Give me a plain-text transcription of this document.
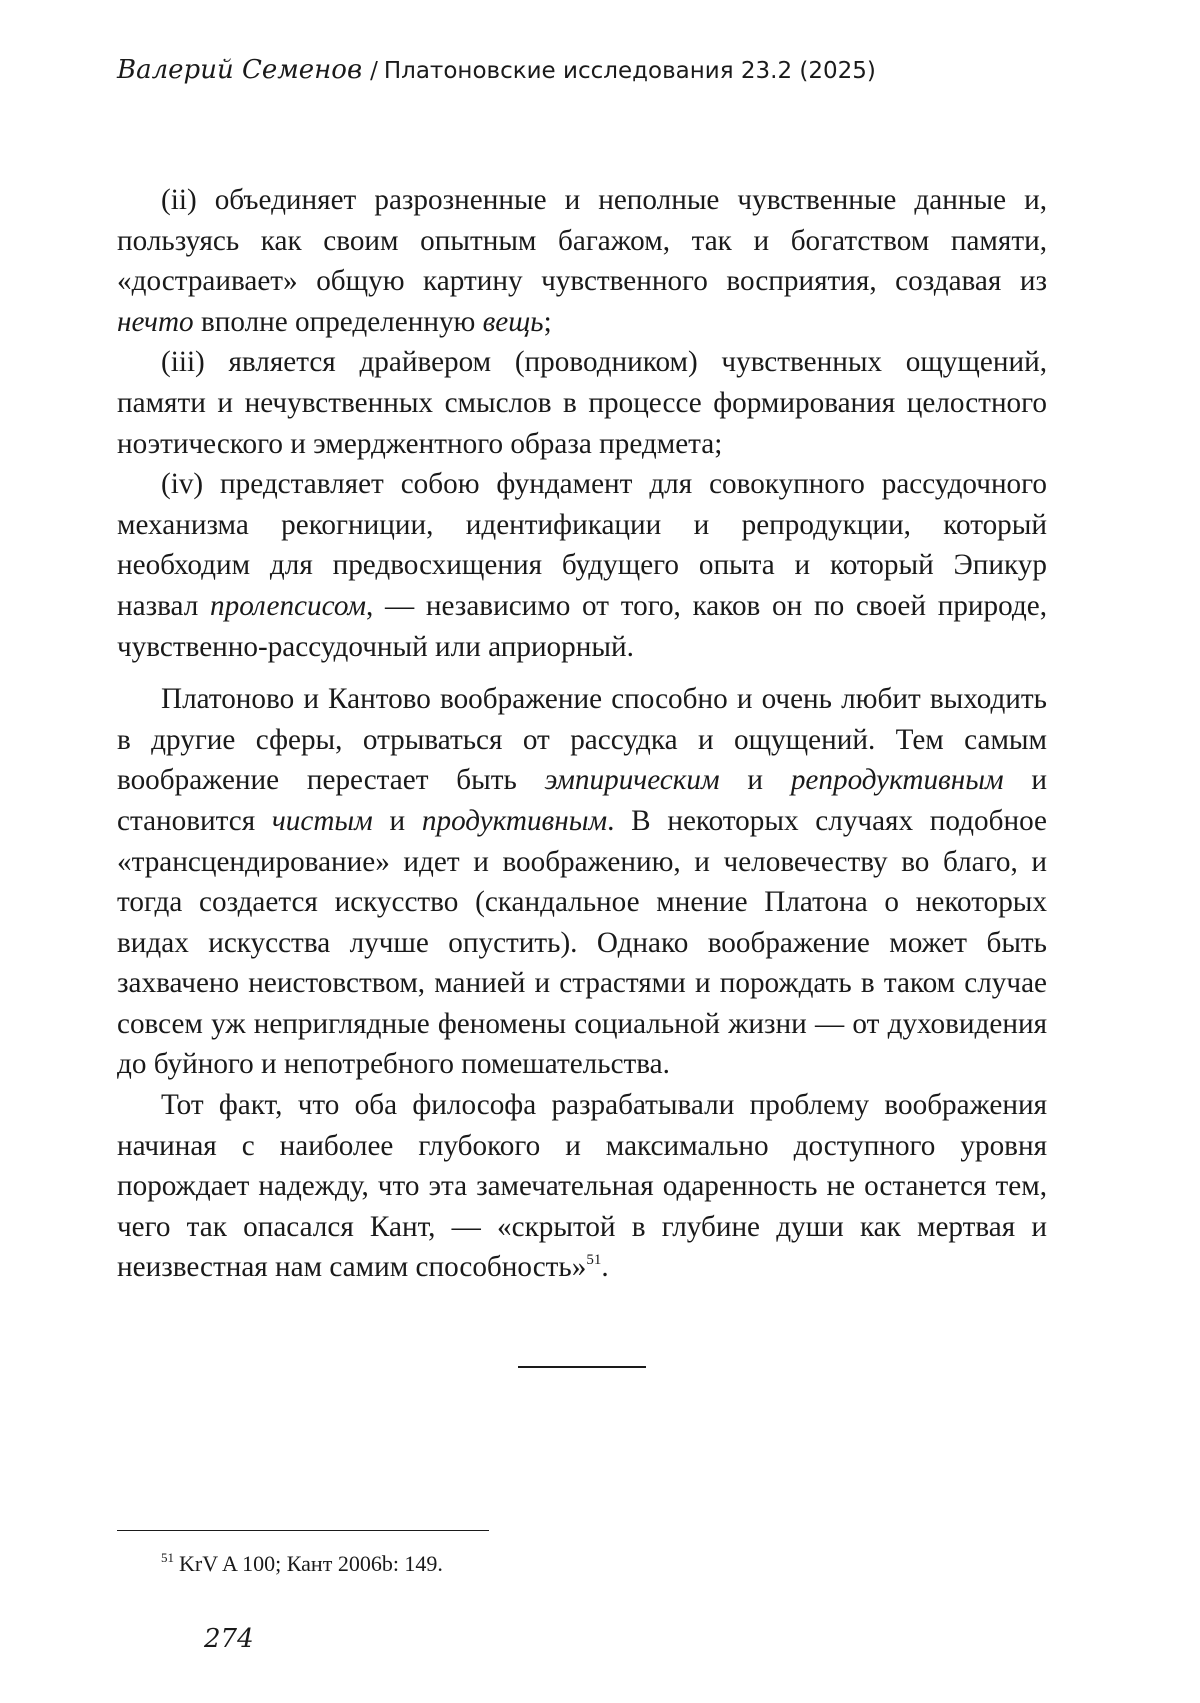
Валерий Семенов / Платоновские исследования 23.2 (2025)

(ii) объединяет разрозненные и неполные чувственные данные и, пользуясь как своим опытным багажом, так и богатством памяти, «достраивает» общую картину чувственного восприятия, создавая из нечто вполне определенную вещь;

(iii) является драйвером (проводником) чувственных ощущений, памяти и нечувственных смыслов в процессе формирования целостного ноэтического и эмерджентного образа предмета;

(iv) представляет собою фундамент для совокупного рассудочного механизма рекогниции, идентификации и репродукции, который необходим для предвосхищения будущего опыта и который Эпикур назвал пролепсисом, — независимо от того, каков он по своей природе, чувственно-рассудочный или априорный.

Платоново и Кантово воображение способно и очень любит выходить в другие сферы, отрываться от рассудка и ощущений. Тем самым воображение перестает быть эмпирическим и репродуктивным и становится чистым и продуктивным. В некоторых случаях подобное «трансцендирование» идет и воображению, и человечеству во благо, и тогда создается искусство (скандальное мнение Платона о некоторых видах искусства лучше опустить). Однако воображение может быть захвачено неистовством, манией и страстями и порождать в таком случае совсем уж неприглядные феномены социальной жизни — от духовидения до буйного и непотребного помешательства.

Тот факт, что оба философа разрабатывали проблему воображения начиная с наиболее глубокого и максимально доступного уровня порождает надежду, что эта замечательная одаренность не останется тем, чего так опасался Кант, — «скрытой в глубине души как мертвая и неизвестная нам самим способность»$^{51}$.

$^{51}$ KrV A 100; Кант 2006b: 149.
274
